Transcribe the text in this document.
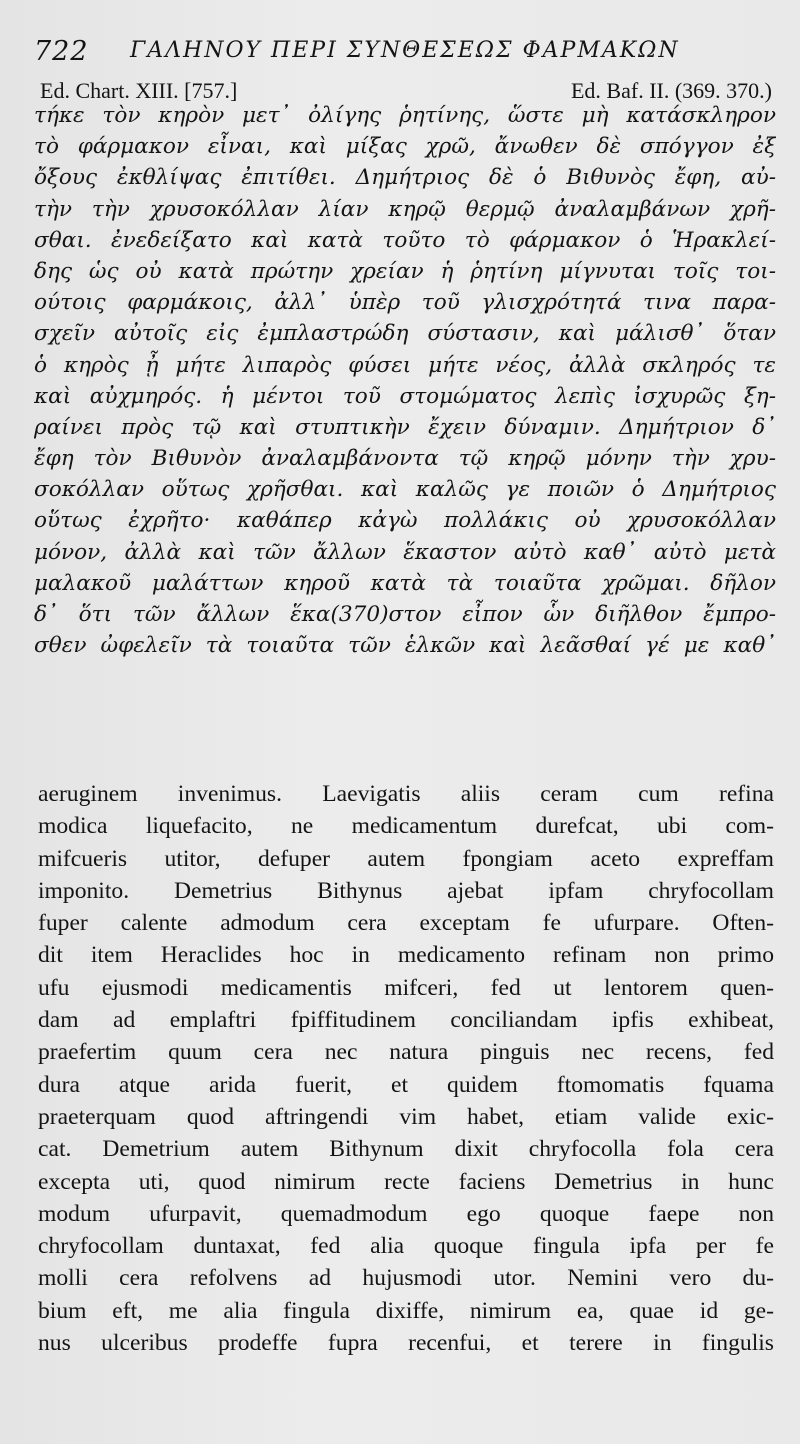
722 ΓΑΛΗΝΟΥ ΠΕΡΙ ΣΥΝΘΕΣΕΩΣ ΦΑΡΜΑΚΩΝ
Ed. Chart. XIII. [757.]	Ed. Baf. II. (369. 370.)
τήκε τὸν κηρὸν μετ᾽ ὀλίγης ῥητίνης, ὥστε μὴ κατάσκληρον
τὸ φάρμακον εἶναι, καὶ μίξας χρῶ, ἄνωθεν δὲ σπόγγον ἐξ
ὄξους ἐκθλίψας ἐπιτίθει. Δημήτριος δὲ ὁ Βιθυνὸς ἔφη, αὐ-
τὴν τὴν χρυσοκόλλαν λίαν κηρῷ θερμῷ ἀναλαμβάνων χρῆ-
σθαι. ἐνεδείξατο καὶ κατὰ τοῦτο τὸ φάρμακον ὁ Ἡρακλεί-
δης ὡς οὐ κατὰ πρώτην χρείαν ἡ ῥητίνη μίγνυται τοῖς τοι-
ούτοις φαρμάκοις, ἀλλ᾽ ὑπὲρ τοῦ γλισχρότητά τινα παρα-
σχεῖν αὐτοῖς εἰς ἐμπλαστρώδη σύστασιν, καὶ μάλισθ᾽ ὅταν
ὁ κηρὸς ᾖ μήτε λιπαρὸς φύσει μήτε νέος, ἀλλὰ σκληρός τε
καὶ αὐχμηρός. ἡ μέντοι τοῦ στομώματος λεπὶς ἰσχυρῶς ξη-
ραίνει πρὸς τῷ καὶ στυπτικὴν ἔχειν δύναμιν. Δημήτριον δ᾽
ἔφη τὸν Βιθυνὸν ἀναλαμβάνοντα τῷ κηρῷ μόνην τὴν χρυ-
σοκόλλαν οὕτως χρῆσθαι. καὶ καλῶς γε ποιῶν ὁ Δημήτριος
οὕτως ἐχρῆτο· καθάπερ κἀγὼ πολλάκις οὐ χρυσοκόλλαν
μόνον, ἀλλὰ καὶ τῶν ἄλλων ἕκαστον αὐτὸ καθ᾽ αὐτὸ μετὰ
μαλακοῦ μαλάττων κηροῦ κατὰ τὰ τοιαῦτα χρῶμαι. δῆλον
δ᾽ ὅτι τῶν ἄλλων ἕκα(370)στον εἶπον ὧν διῆλθον ἔμπρο-
σθεν ὠφελεῖν τὰ τοιαῦτα τῶν ἑλκῶν καὶ λεᾶσθαί γέ με καθ᾽
aeruginem invenimus. Laevigatis aliis ceram cum refina
modica liquefacito, ne medicamentum durefcat, ubi com-
mifcueris utitor, defuper autem fpongiam aceto expreffam
imponito. Demetrius Bithynus ajebat ipfam chryfocollam
fuper calente admodum cera exceptam fe ufurpare. Often-
dit item Heraclides hoc in medicamento refinam non primo
ufu ejusmodi medicamentis mifceri, fed ut lentorem quen-
dam ad emplaftri fpiffitudinem conciliandam ipfis exhibeat,
praefertim quum cera nec natura pinguis nec recens, fed
dura atque arida fuerit, et quidem ftomomatis fquama
praeterquam quod aftringendi vim habet, etiam valide exic-
cat. Demetrium autem Bithynum dixit chryfocolla fola cera
excepta uti, quod nimirum recte faciens Demetrius in hunc
modum ufurpavit, quemadmodum ego quoque faepe non
chryfocollam duntaxat, fed alia quoque fingula ipfa per fe
molli cera refolvens ad hujusmodi utor. Nemini vero du-
bium eft, me alia fingula dixiffe, nimirum ea, quae id ge-
nus ulceribus prodeffe fupra recenfui, et terere in fingulis
